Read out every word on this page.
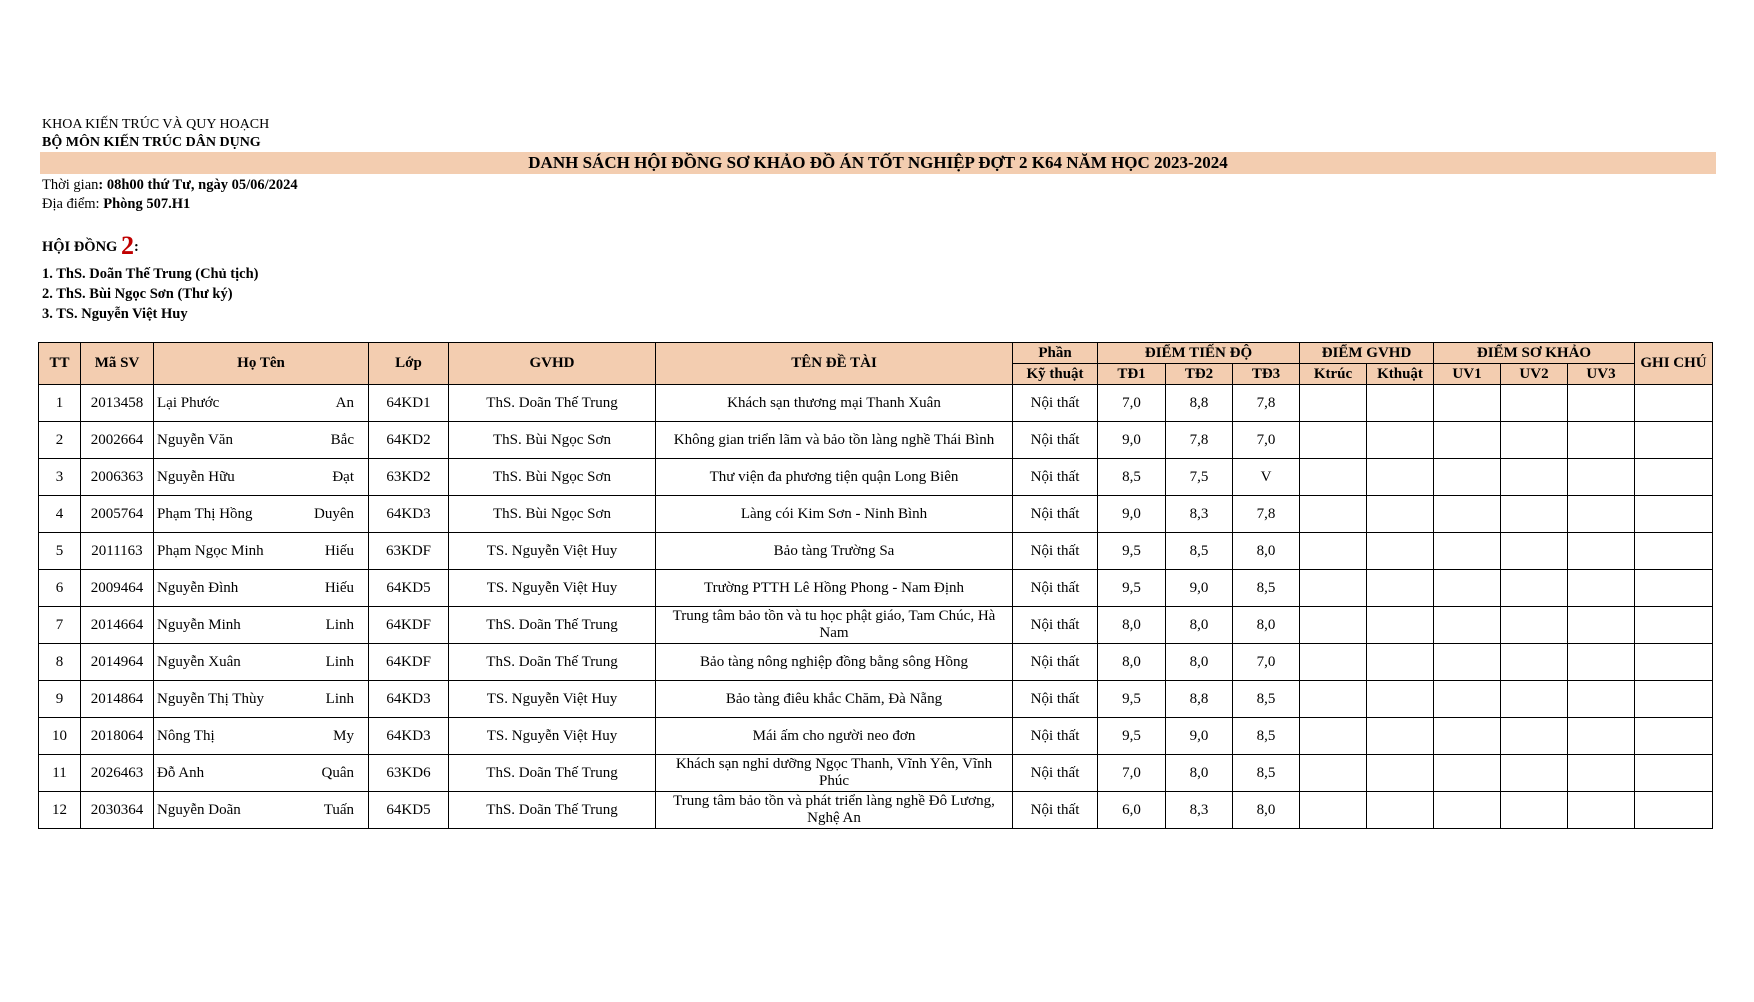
KHOA KIẾN TRÚC VÀ QUY HOẠCH
BỘ MÔN KIẾN TRÚC DÂN DỤNG
DANH SÁCH HỘI ĐỒNG SƠ KHẢO ĐỒ ÁN TỐT NGHIỆP ĐỢT 2 K64 NĂM HỌC 2023-2024
Thời gian: 08h00 thứ Tư, ngày 05/06/2024
Địa điểm: Phòng 507.H1
HỘI ĐỒNG 2:
1. ThS. Doãn Thế Trung (Chủ tịch)
2. ThS. Bùi Ngọc Sơn (Thư ký)
3. TS. Nguyễn Việt Huy
TT	Mã SV	Họ Tên	Lớp	GVHD	TÊN ĐỀ TÀI	Phần	ĐIỂM TIẾN ĐỘ			ĐIỂM GVHD		ĐIỂM SƠ KHẢO			GHI CHÚ
						Kỹ thuật	TĐ1	TĐ2	TĐ3	Ktrúc	Kthuật	UV1	UV2	UV3	
1	2013458	Lại Phước An	64KD1	ThS. Doãn Thế Trung	Khách sạn thương mại Thanh Xuân	Nội thất	7,0	8,8	7,8						
2	2002664	Nguyễn Văn Bắc	64KD2	ThS. Bùi Ngọc Sơn	Không gian triển lãm và bảo tồn làng nghề Thái Bình	Nội thất	9,0	7,8	7,0						
3	2006363	Nguyễn Hữu Đạt	63KD2	ThS. Bùi Ngọc Sơn	Thư viện đa phương tiện quận Long Biên	Nội thất	8,5	7,5	V						
4	2005764	Phạm Thị Hồng Duyên	64KD3	ThS. Bùi Ngọc Sơn	Làng cói Kim Sơn - Ninh Bình	Nội thất	9,0	8,3	7,8						
5	2011163	Phạm Ngọc Minh Hiếu	63KDF	TS. Nguyễn Việt Huy	Bảo tàng Trường Sa	Nội thất	9,5	8,5	8,0						
6	2009464	Nguyễn Đình Hiếu	64KD5	TS. Nguyễn Việt Huy	Trường PTTH Lê Hồng Phong - Nam Định	Nội thất	9,5	9,0	8,5						
7	2014664	Nguyễn Minh Linh	64KDF	ThS. Doãn Thế Trung	Trung tâm bảo tồn và tu học phật giáo, Tam Chúc, Hà Nam	Nội thất	8,0	8,0	8,0						
8	2014964	Nguyễn Xuân Linh	64KDF	ThS. Doãn Thế Trung	Bảo tàng nông nghiệp đồng bằng sông Hồng	Nội thất	8,0	8,0	7,0						
9	2014864	Nguyễn Thị Thùy Linh	64KD3	TS. Nguyễn Việt Huy	Bảo tàng điêu khắc Chăm, Đà Nẵng	Nội thất	9,5	8,8	8,5						
10	2018064	Nông Thị My	64KD3	TS. Nguyễn Việt Huy	Mái ấm cho người neo đơn	Nội thất	9,5	9,0	8,5						
11	2026463	Đỗ Anh Quân	63KD6	ThS. Doãn Thế Trung	Khách sạn nghỉ dưỡng Ngọc Thanh, Vĩnh Yên, Vĩnh Phúc	Nội thất	7,0	8,0	8,5						
12	2030364	Nguyễn Doãn Tuấn	64KD5	ThS. Doãn Thế Trung	Trung tâm bảo tồn và phát triển làng nghề Đô Lương, Nghệ An	Nội thất	6,0	8,3	8,0						
